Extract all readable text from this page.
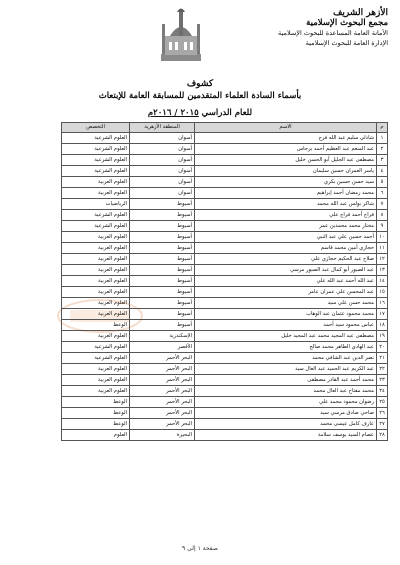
الأزهر الشريف
مجمع البحوث الإسلامية
الأمانة العامة المساعدة للبحوث الإسلامية
الإدارة العامة للبحوث الإسلامية
كشوف
بأسماء السادة العلماء المتقدمين للمسابقة العامة للإبتعاث
للعام الدراسي ٢٠١٥ / ٢٠١٦م
م	الاسم	المنطقة الأزهرية	التخصص	
١	شاذلي سليم عبد الله فرج	أسوان	العلوم الشرعية	
٢	عبد المنعم عبد العظيم أحمد برجاس	أسوان	العلوم الشرعية	
٣	مصطفى عبد الجليل أبو الحسن خليل	أسوان	العلوم الشرعية	
٤	ياسر العمران حسين سليمان	أسوان	العلوم الشرعية	
٥	سيد حسن حسين بكري	أسوان	العلوم العربية	
٦	محمد رمضان أحمد إبراهيم	أسوان	العلوم العربية	
٧	شاكر بولس عبد الله محمد	أسيوط	الرياضيات	
٨	فراج أحمد فراج علي	أسيوط	العلوم الشرعية	
٩	مختار محمد محمدين عمر	أسيوط	العلوم الشرعية	
١٠	أحمد حسين علي عبد النبي	أسيوط	العلوم العربية	
١١	حجازي أمين محمد قاسم	أسيوط	العلوم العربية	
١٢	صلاح عبد الحكيم حجازي علي	أسيوط	العلوم العربية	
١٣	عبد الصبور أبو كمال عبد الصبور مرسي	أسيوط	العلوم العربية	
١٤	عبد الله أحمد عبد الله علي	أسيوط	العلوم العربية	
١٥	عبد المحسن علي عمران عامر	أسيوط	العلوم العربية	
١٦	محمد حسن علي سيد	أسيوط	العلوم العربية	
١٧	محمد محمود عثمان عبد الوهاب	أسيوط	العلوم العربية	
١٨	عباس محمود سيد أحمد	أسيوط	الوعظ	
١٩	مصطفى عبد المجيد محمد عبد المجيد خليل	الإسكندرية	العلوم العربية	
٢٠	عبد الهادي الطاهر محمد صالح	الأقصر	العلوم الشرعية	
٢١	نصر الدين عبد الشافي محمد	البحر الأحمر	العلوم الشرعية	
٢٢	عبد الكريم عبد الحميد عبد العال سيد	البحر الأحمر	العلوم العربية	
٢٣	محمد أحمد عبد القادر مصطفى	البحر الأحمر	العلوم العربية	
٢٤	محمد مفتاح عبد العال محمد	البحر الأحمر	العلوم العربية	
٢٥	رضوان محمود محمد علي	البحر الأحمر	الوعظ	
٢٦	ضاحي صادق مرسي سيد	البحر الأحمر	الوعظ	
٢٧	عارف كامل عيسى محمد	البحر الأحمر	الوعظ	
٢٨	عصام السيد يوسف سلامة	البحيرة	العلوم	
صفحة ١ إلى ٩
